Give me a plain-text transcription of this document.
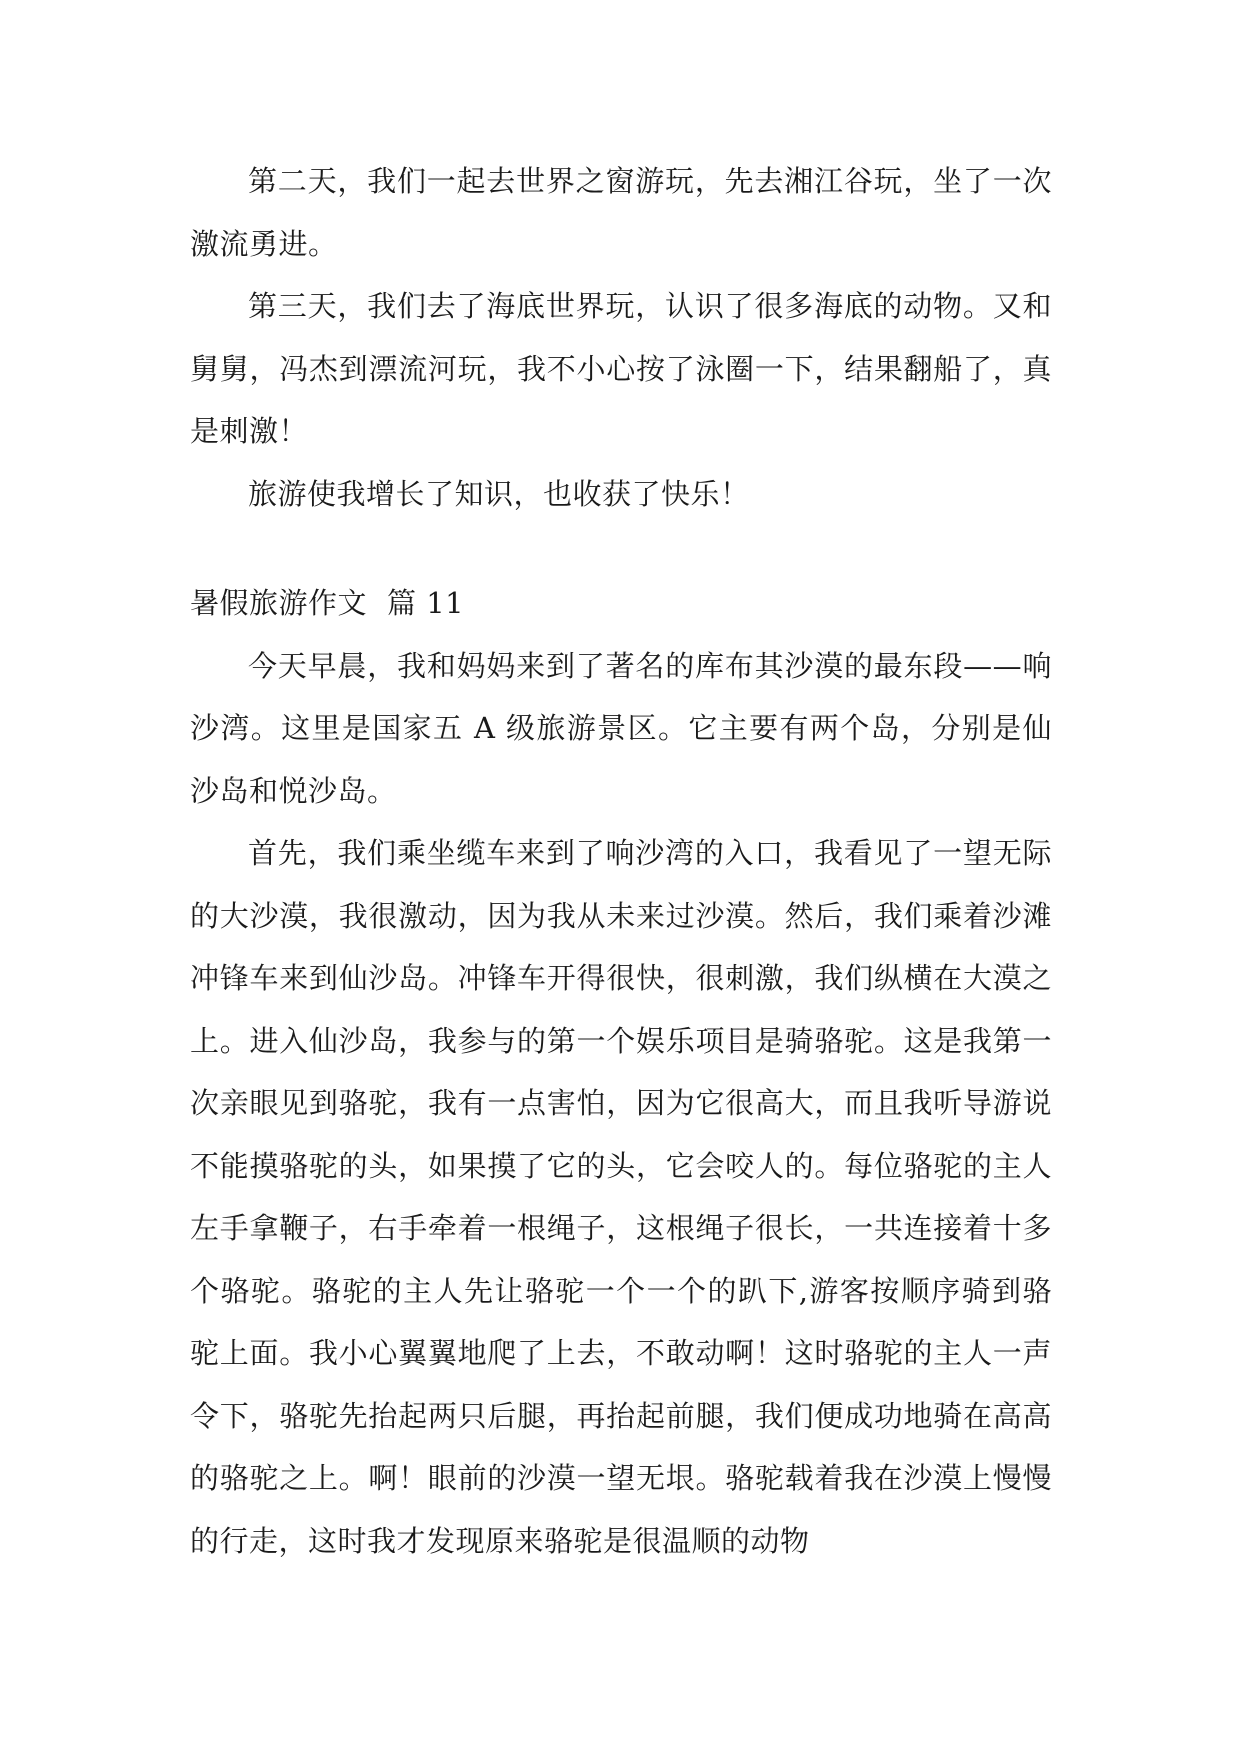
第二天，我们一起去世界之窗游玩，先去湘江谷玩，坐了一次激流勇进。

第三天，我们去了海底世界玩，认识了很多海底的动物。又和舅舅，冯杰到漂流河玩，我不小心按了泳圈一下，结果翻船了，真是刺激！

旅游使我增长了知识，也收获了快乐！

暑假旅游作文 篇 11

今天早晨，我和妈妈来到了著名的库布其沙漠的最东段——响沙湾。这里是国家五 A 级旅游景区。它主要有两个岛，分别是仙沙岛和悦沙岛。

首先，我们乘坐缆车来到了响沙湾的入口，我看见了一望无际的大沙漠，我很激动，因为我从未来过沙漠。然后，我们乘着沙滩冲锋车来到仙沙岛。冲锋车开得很快，很刺激，我们纵横在大漠之上。进入仙沙岛，我参与的第一个娱乐项目是骑骆驼。这是我第一次亲眼见到骆驼，我有一点害怕，因为它很高大，而且我听导游说不能摸骆驼的头，如果摸了它的头，它会咬人的。每位骆驼的主人左手拿鞭子，右手牵着一根绳子，这根绳子很长，一共连接着十多个骆驼。骆驼的主人先让骆驼一个一个的趴下,游客按顺序骑到骆驼上面。我小心翼翼地爬了上去，不敢动啊！这时骆驼的主人一声令下，骆驼先抬起两只后腿，再抬起前腿，我们便成功地骑在高高的骆驼之上。啊！眼前的沙漠一望无垠。骆驼载着我在沙漠上慢慢的行走，这时我才发现原来骆驼是很温顺的动物
